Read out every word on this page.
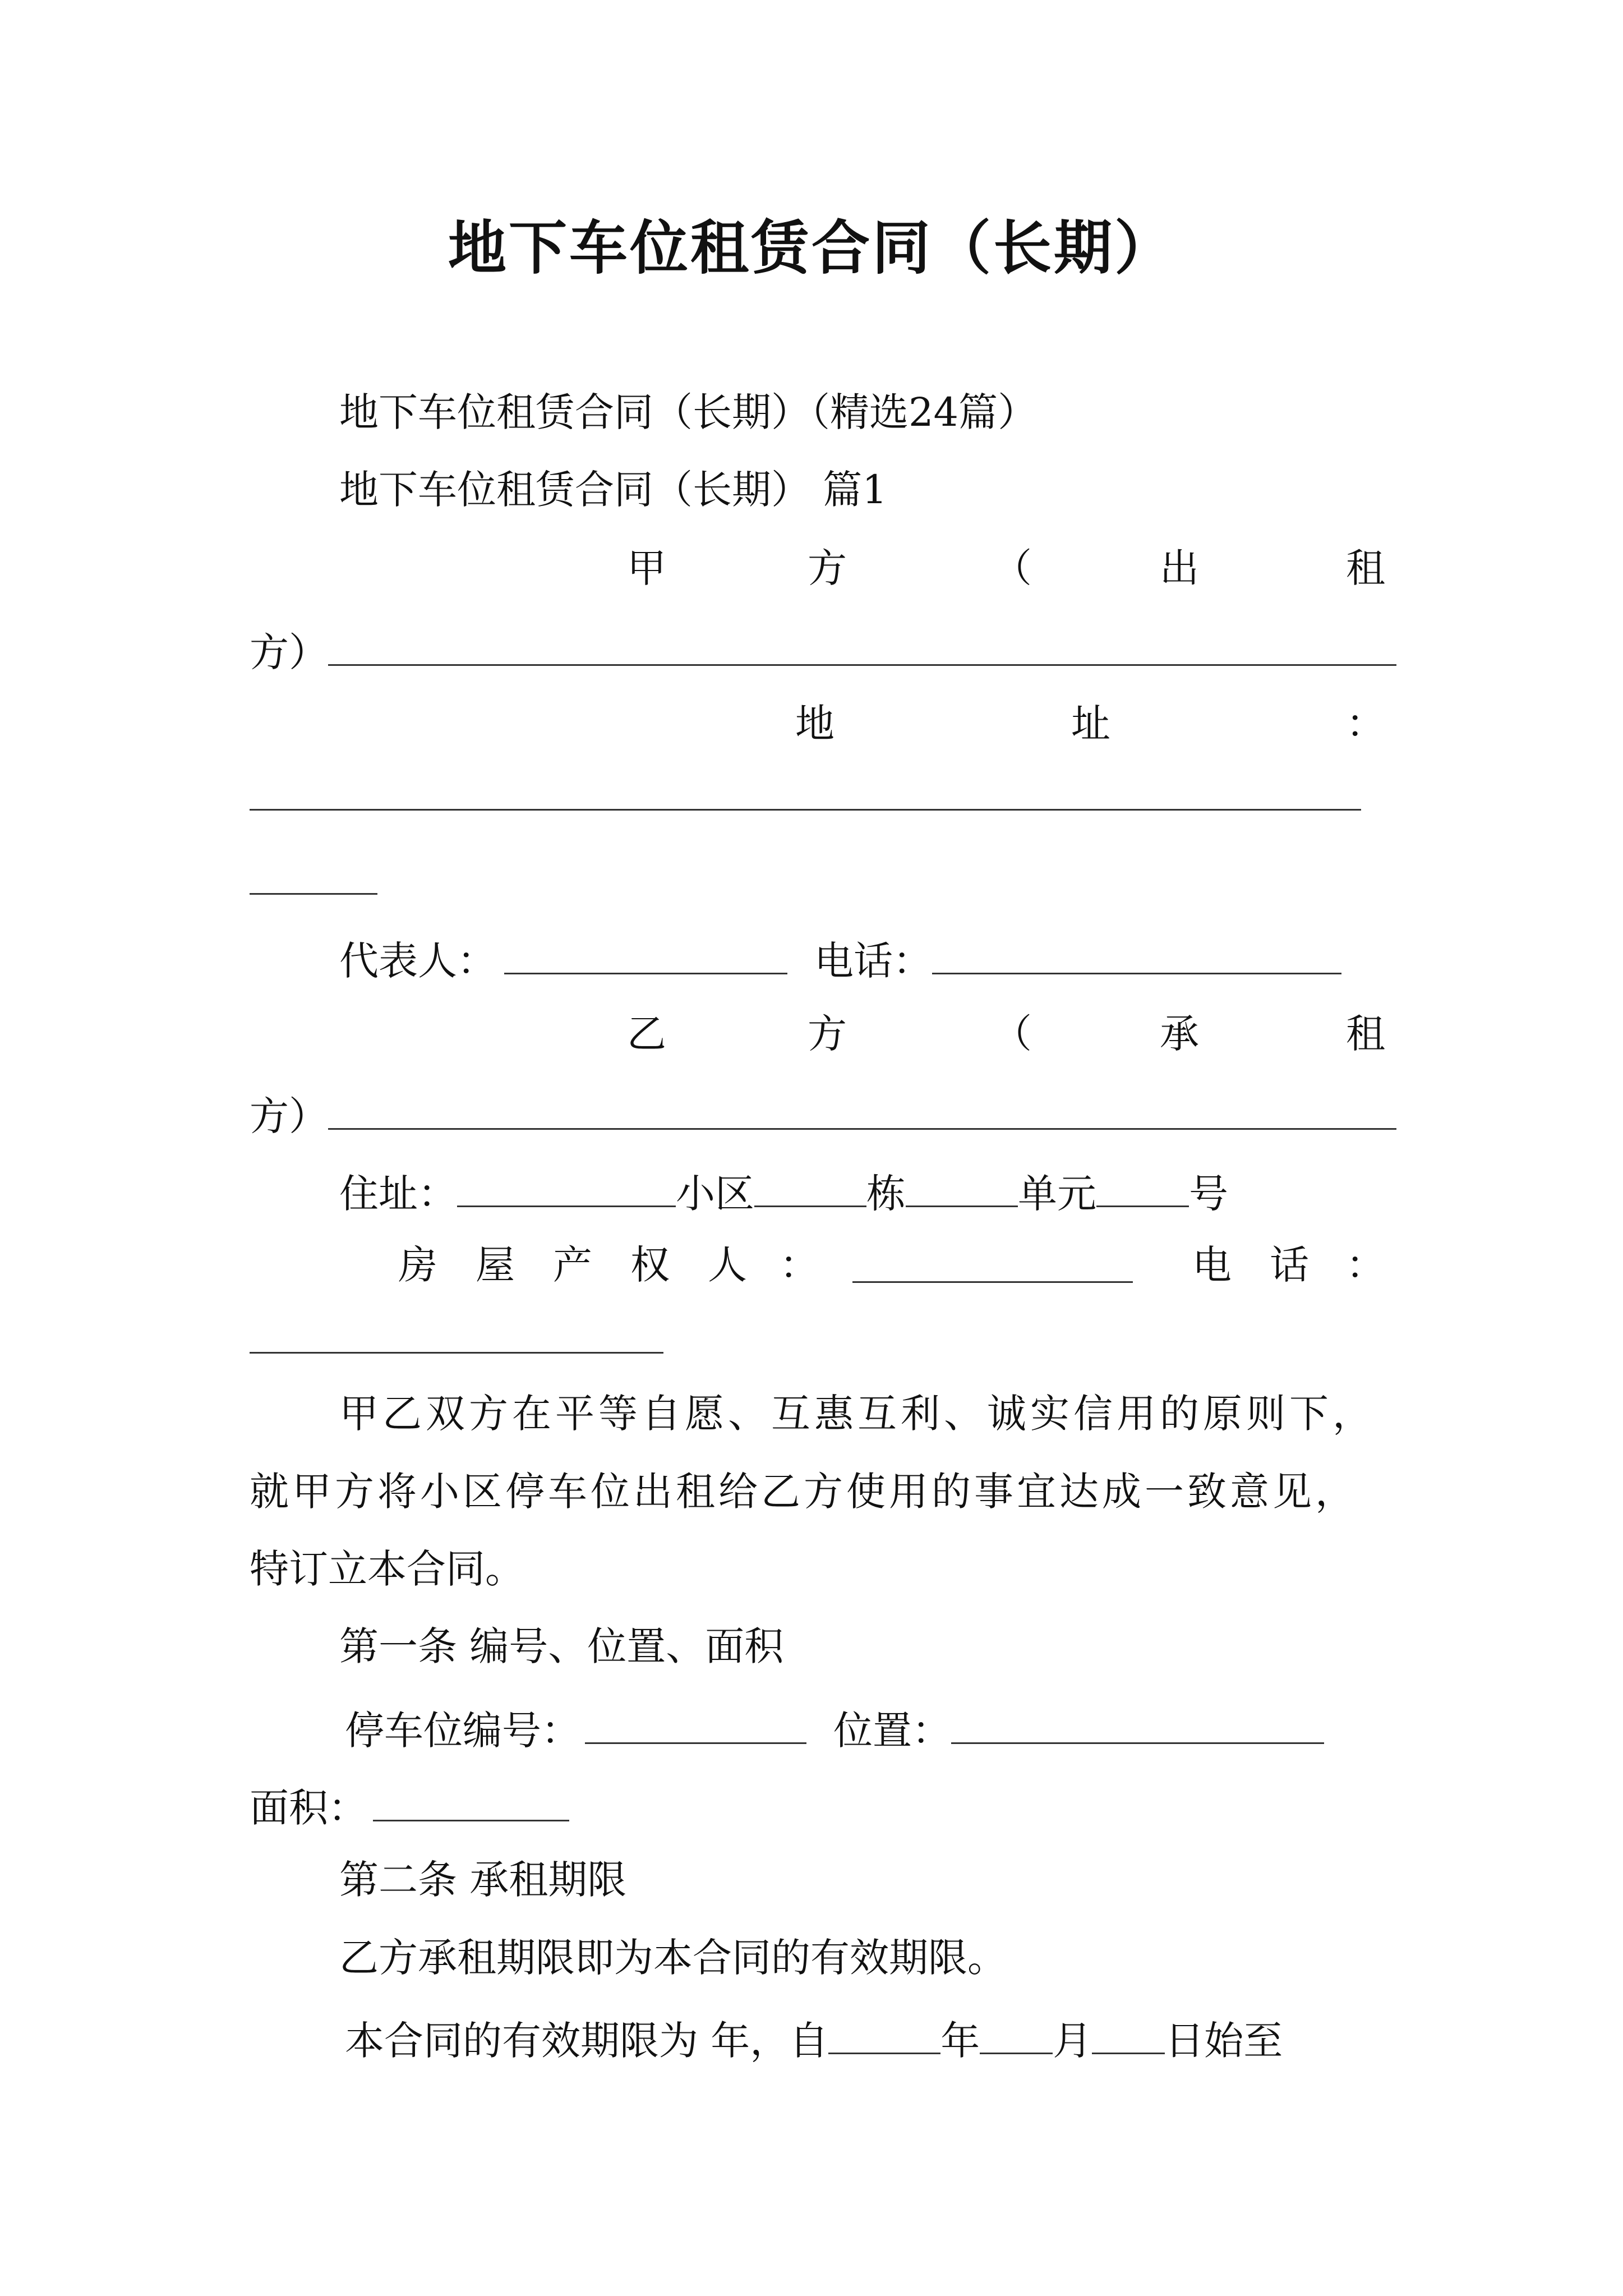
地下车位租赁合同（长期）
地下车位租赁合同（长期）（精选24篇）
地下车位租赁合同（长期） 篇1
甲	方	（	出	租
方）
地	址	：
代表人：	电话：
乙	方	（	承	租
方）
住址：	小区	栋	单元 号
房 屋 产 权 人 ：	电 话 ：
甲乙双方在平等自愿、互惠互利、诚实信用的原则下，
就甲方将小区停车位出租给乙方使用的事宜达成一致意见，
特订立本合同。
第一条 编号、位置、面积
停车位编号：	位置：
面积：
第二条 承租期限
乙方承租期限即为本合同的有效期限。
本合同的有效期限为 年，自	年 月 日始至
